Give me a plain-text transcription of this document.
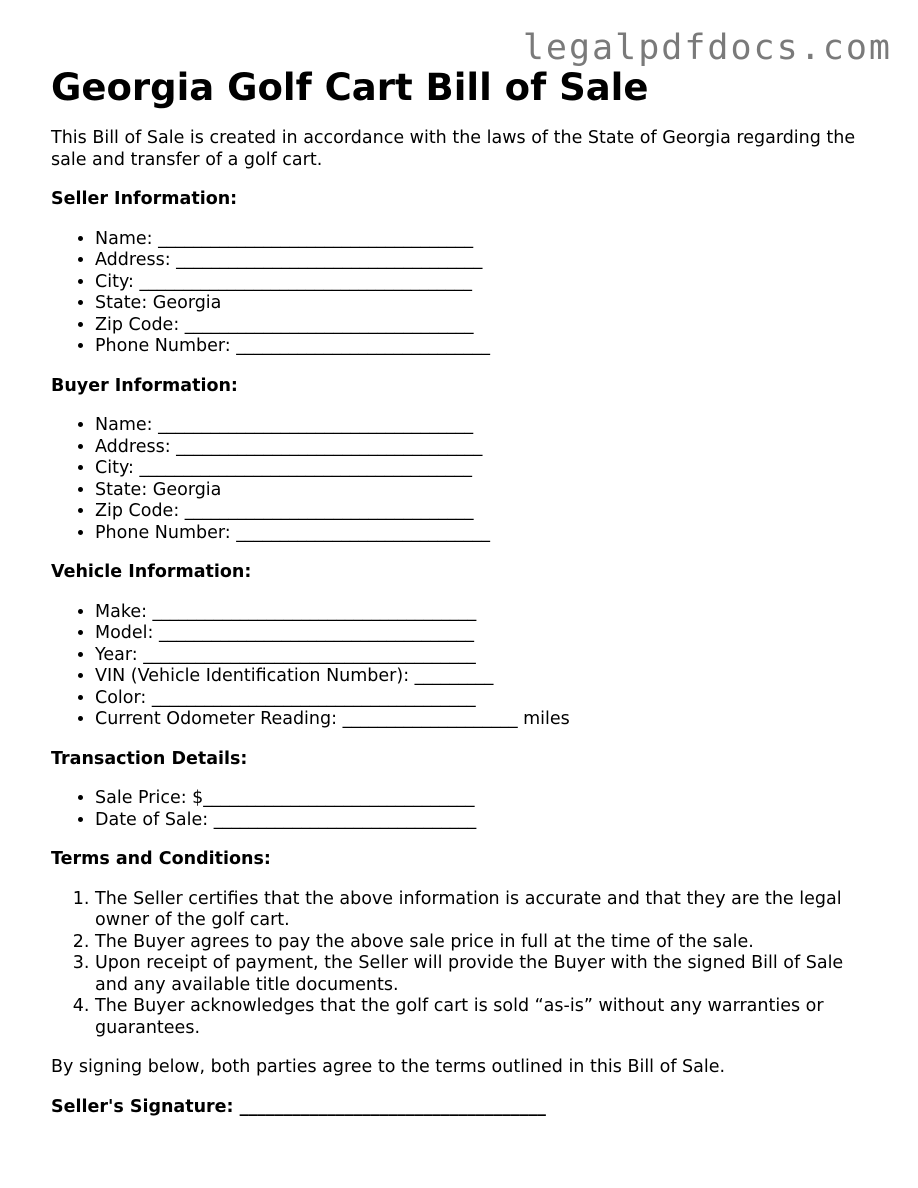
legalpdfdocs.com
Georgia Golf Cart Bill of Sale

This Bill of Sale is created in accordance with the laws of the State of Georgia regarding the sale and transfer of a golf cart.

Seller Information:

• Name: ____________________________________
• Address: ___________________________________
• City: ______________________________________
• State: Georgia
• Zip Code: _________________________________
• Phone Number: _____________________________

Buyer Information:

• Name: ____________________________________
• Address: ___________________________________
• City: ______________________________________
• State: Georgia
• Zip Code: _________________________________
• Phone Number: _____________________________

Vehicle Information:

• Make: _____________________________________
• Model: ____________________________________
• Year: ______________________________________
• VIN (Vehicle Identification Number): _________
• Color: _____________________________________
• Current Odometer Reading: ____________________ miles

Transaction Details:

• Sale Price: $_______________________________
• Date of Sale: ______________________________

Terms and Conditions:

1. The Seller certifies that the above information is accurate and that they are the legal owner of the golf cart.
2. The Buyer agrees to pay the above sale price in full at the time of the sale.
3. Upon receipt of payment, the Seller will provide the Buyer with the signed Bill of Sale and any available title documents.
4. The Buyer acknowledges that the golf cart is sold “as-is” without any warranties or guarantees.

By signing below, both parties agree to the terms outlined in this Bill of Sale.

Seller's Signature: ___________________________________
